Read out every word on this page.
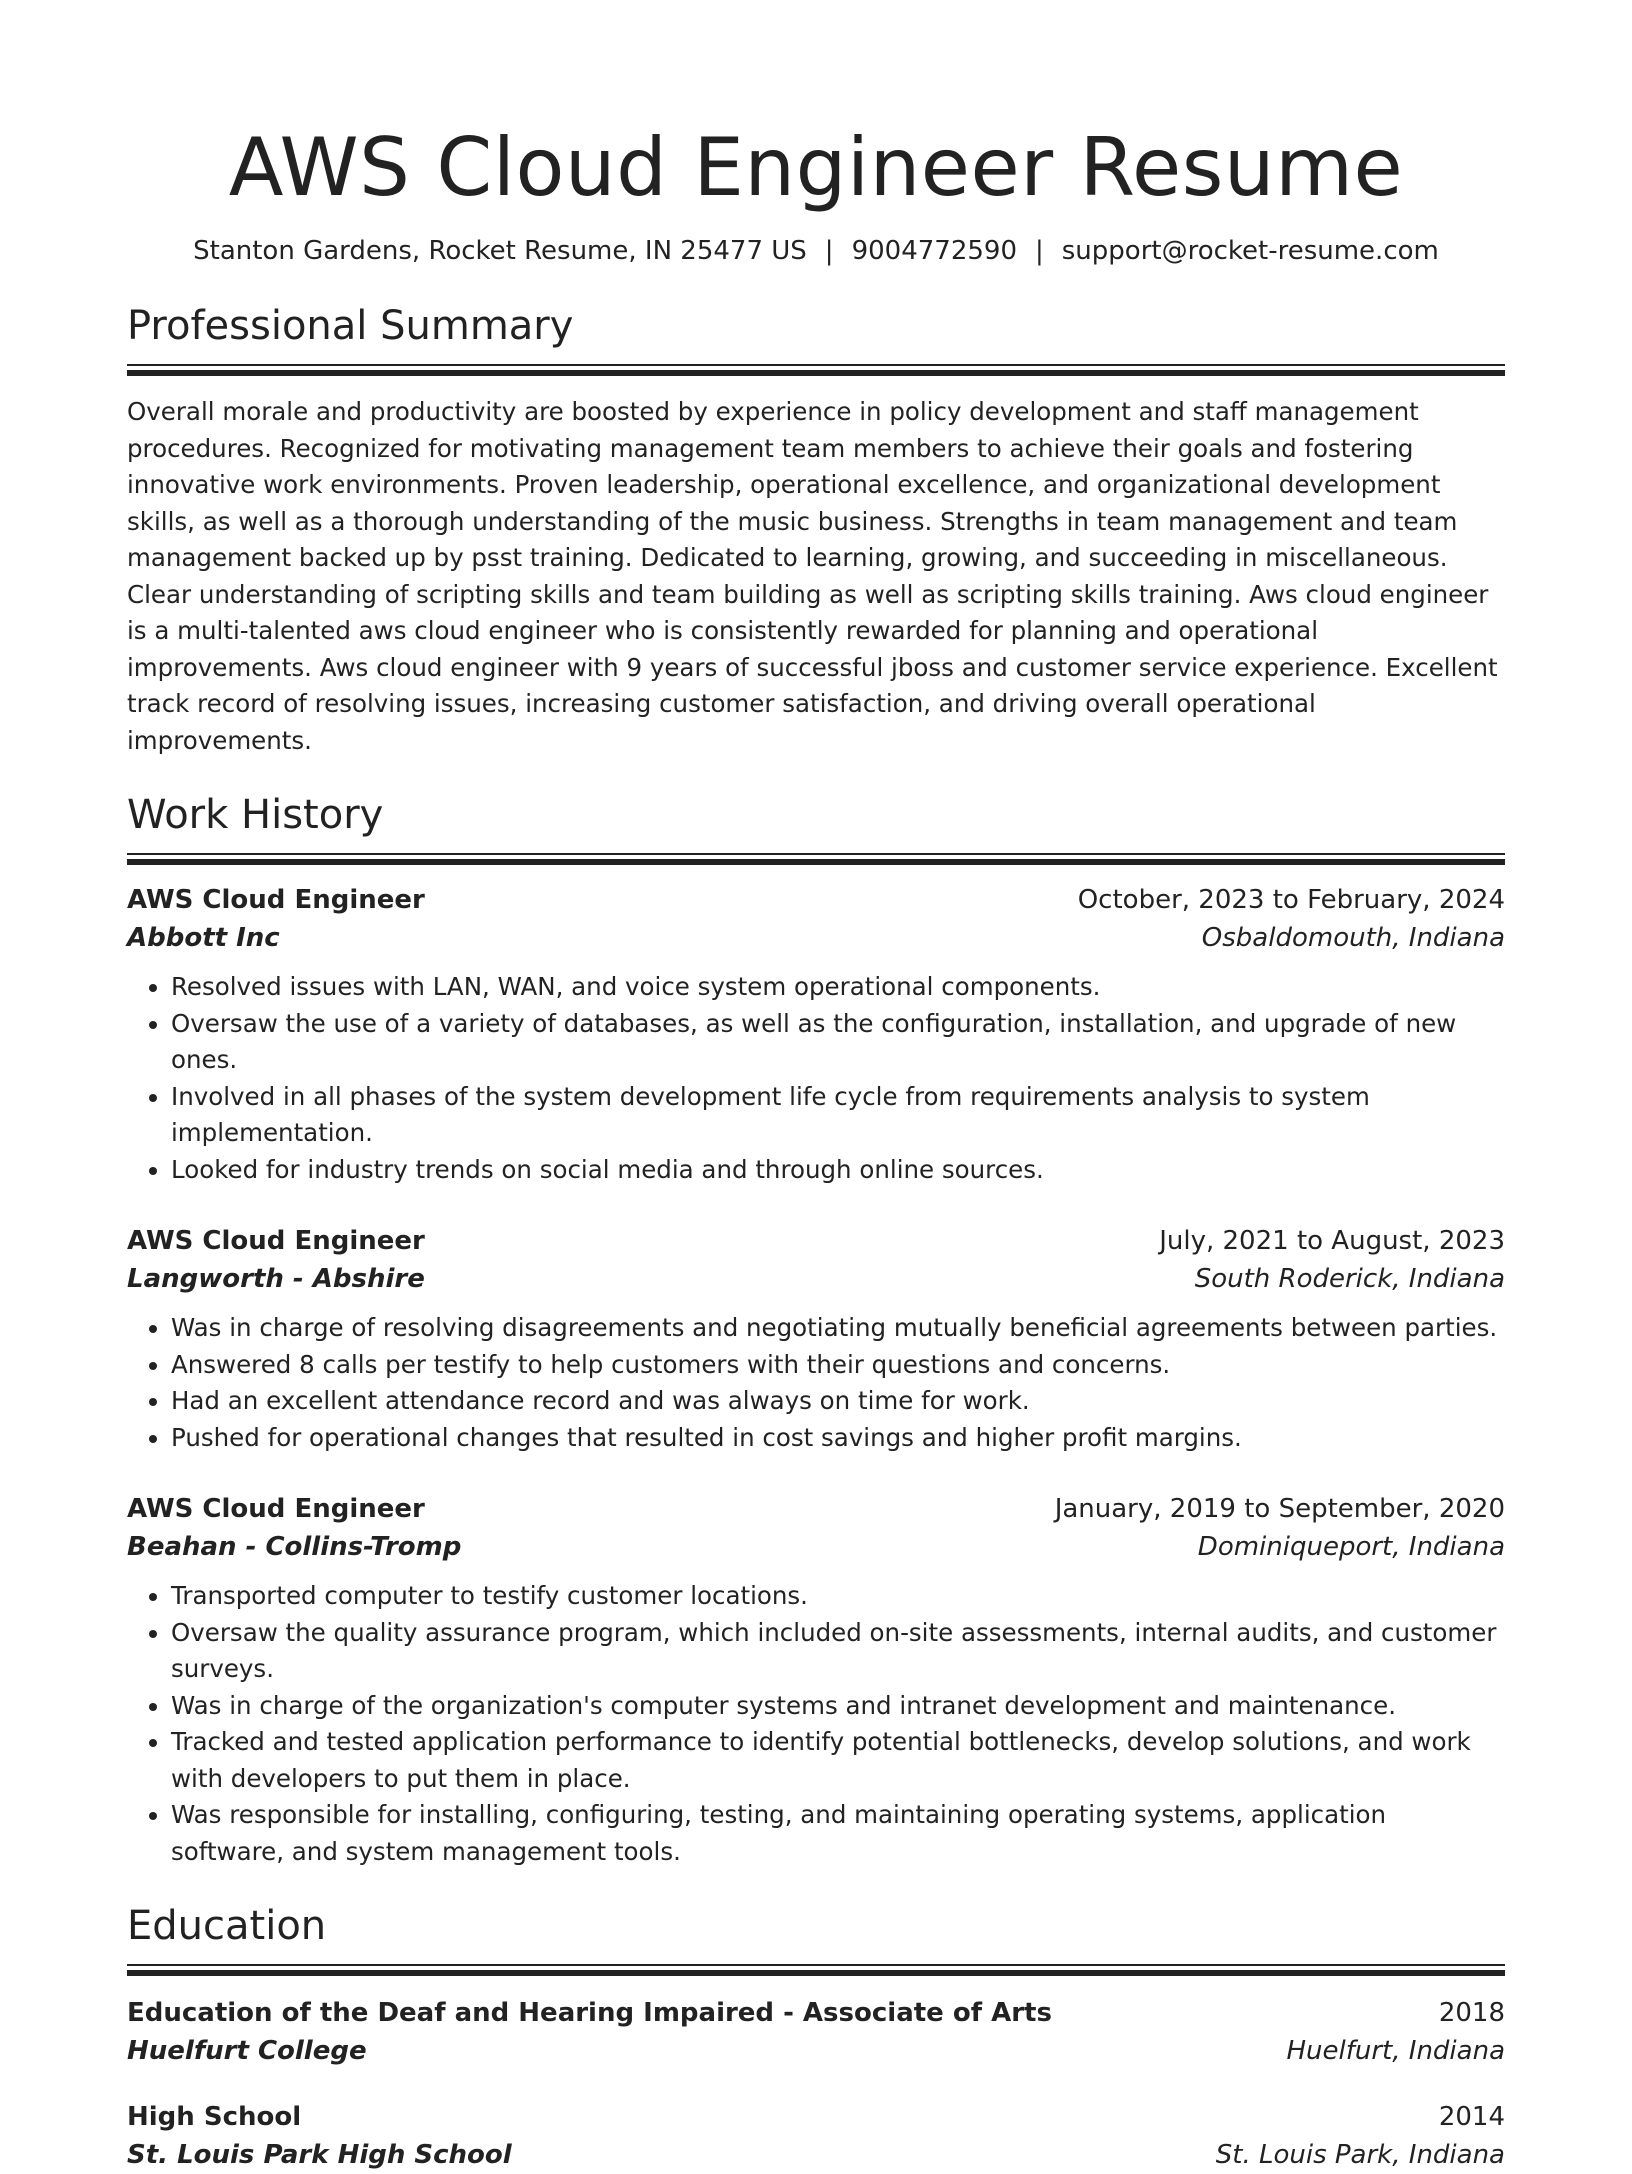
AWS Cloud Engineer Resume
Stanton Gardens, Rocket Resume, IN 25477 US | 9004772590 | support@rocket-resume.com
Professional Summary
Overall morale and productivity are boosted by experience in policy development and staff management procedures. Recognized for motivating management team members to achieve their goals and fostering innovative work environments. Proven leadership, operational excellence, and organizational development skills, as well as a thorough understanding of the music business. Strengths in team management and team management backed up by psst training. Dedicated to learning, growing, and succeeding in miscellaneous. Clear understanding of scripting skills and team building as well as scripting skills training. Aws cloud engineer is a multi-talented aws cloud engineer who is consistently rewarded for planning and operational improvements. Aws cloud engineer with 9 years of successful jboss and customer service experience. Excellent track record of resolving issues, increasing customer satisfaction, and driving overall operational improvements.
Work History
AWS Cloud Engineer	October, 2023 to February, 2024
Abbott Inc	Osbaldomouth, Indiana
• Resolved issues with LAN, WAN, and voice system operational components.
• Oversaw the use of a variety of databases, as well as the configuration, installation, and upgrade of new ones.
• Involved in all phases of the system development life cycle from requirements analysis to system implementation.
• Looked for industry trends on social media and through online sources.
AWS Cloud Engineer	July, 2021 to August, 2023
Langworth - Abshire	South Roderick, Indiana
• Was in charge of resolving disagreements and negotiating mutually beneficial agreements between parties.
• Answered 8 calls per testify to help customers with their questions and concerns.
• Had an excellent attendance record and was always on time for work.
• Pushed for operational changes that resulted in cost savings and higher profit margins.
AWS Cloud Engineer	January, 2019 to September, 2020
Beahan - Collins-Tromp	Dominiqueport, Indiana
• Transported computer to testify customer locations.
• Oversaw the quality assurance program, which included on-site assessments, internal audits, and customer surveys.
• Was in charge of the organization's computer systems and intranet development and maintenance.
• Tracked and tested application performance to identify potential bottlenecks, develop solutions, and work with developers to put them in place.
• Was responsible for installing, configuring, testing, and maintaining operating systems, application software, and system management tools.
Education
Education of the Deaf and Hearing Impaired - Associate of Arts	2018
Huelfurt College	Huelfurt, Indiana
High School	2014
St. Louis Park High School	St. Louis Park, Indiana
